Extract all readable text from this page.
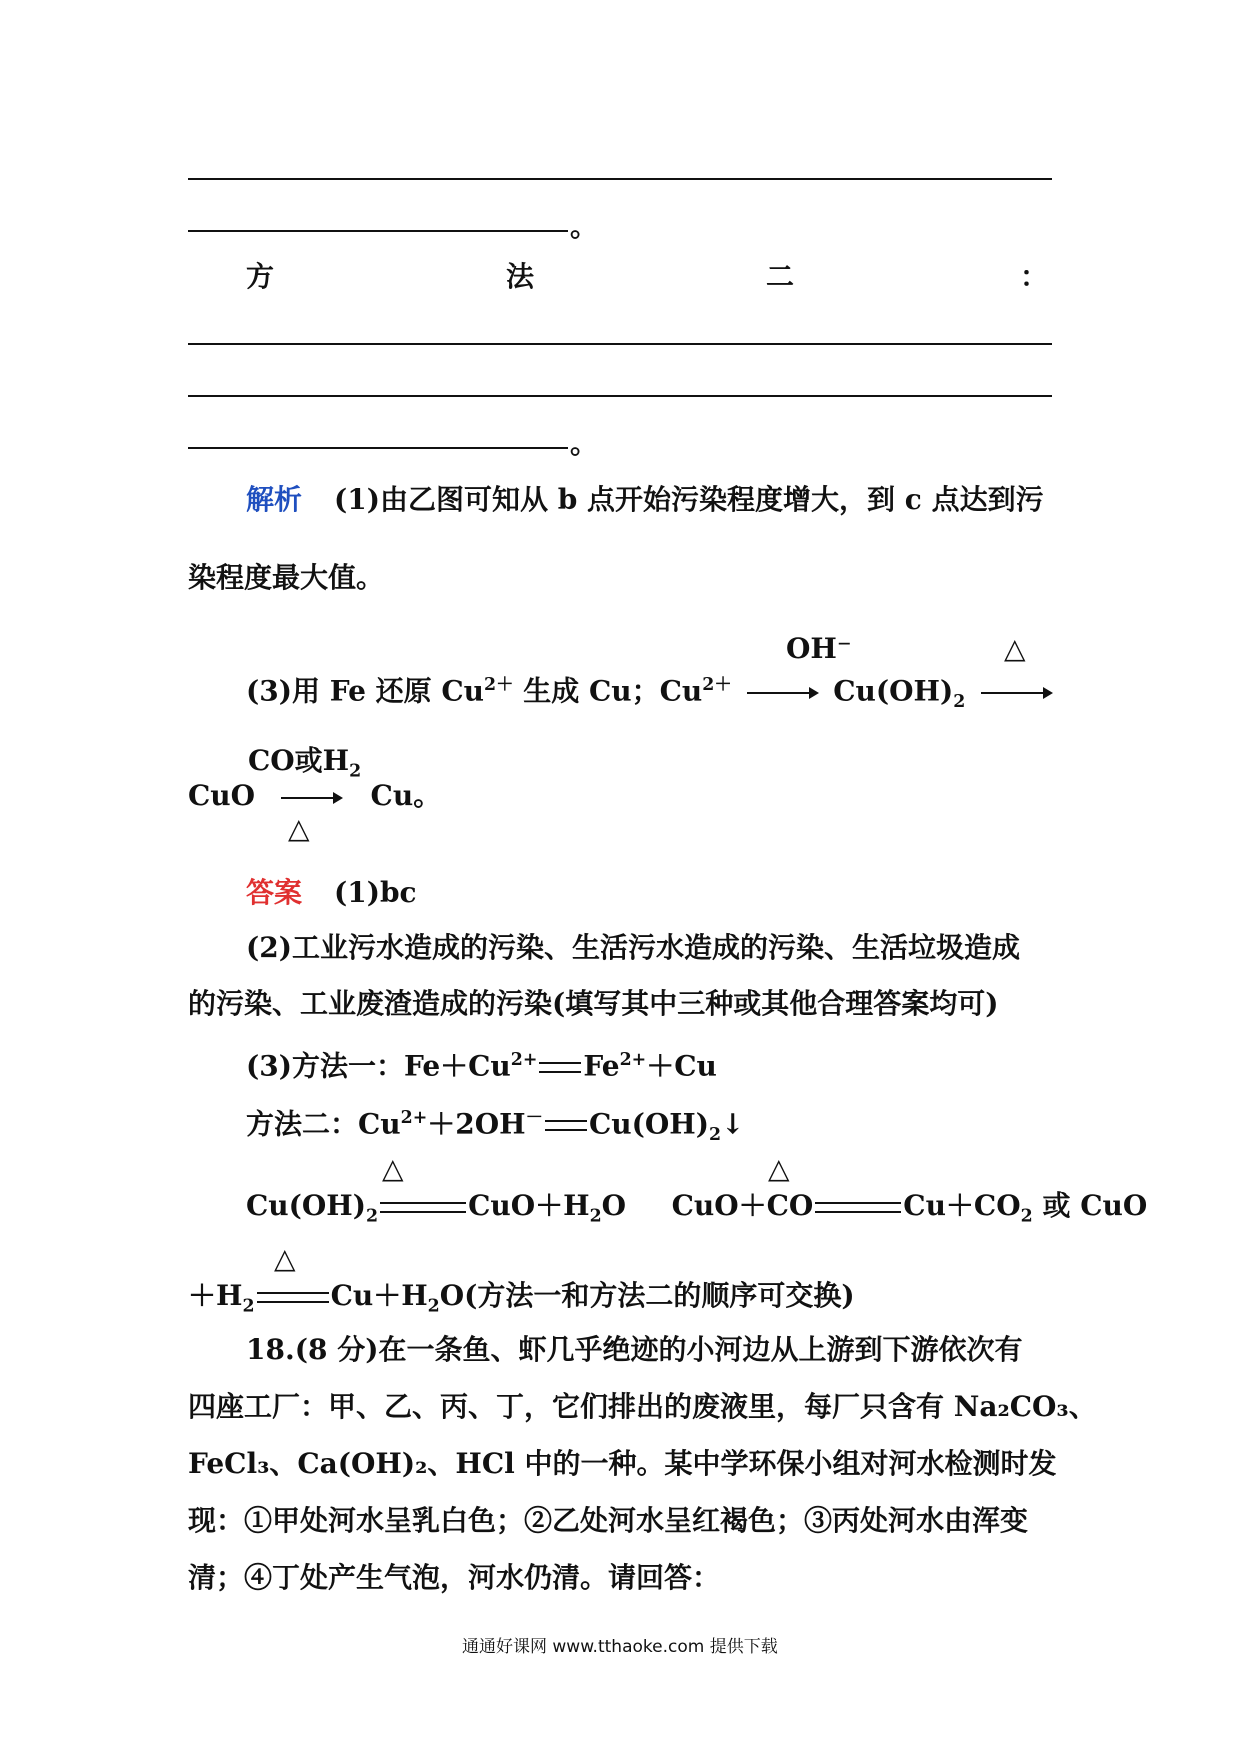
。
方	法	二	：
。
解析 (1)由乙图可知从 b 点开始污染程度增大，到 c 点达到污
染程度最大值。
OH⁻	△
(3)用 Fe 还原 $Cu^{2+}$ 生成 Cu；$Cu^{2+} \to Cu(OH)_2$ →
CO或$H_2$
CuO → Cu。
△
答案 (1)bc
(2)工业污水造成的污染、生活污水造成的污染、生活垃圾造成
的污染、工业废渣造成的污染(填写其中三种或其他合理答案均可)
(3)方法一：$Fe+Cu^{2+}$ $Fe^{2+}+Cu$
方法二：$Cu^{2+}+2OH^-$ $Cu(OH)_2↓$
△	△
$Cu(OH)_2$	$CuO+H_2O$ CuO＋CO	$Cu+CO_2$ 或 CuO
△
$+H_2$	$Cu+H_2O$(方法一和方法二的顺序可交换)
18.(8 分)在一条鱼、虾几乎绝迹的小河边从上游到下游依次有
四座工厂：甲、乙、丙、丁，它们排出的废液里，每厂只含有 Na₂CO₃、
FeCl₃、Ca(OH)₂、HCl 中的一种。某中学环保小组对河水检测时发
现：①甲处河水呈乳白色；②乙处河水呈红褐色；③丙处河水由浑变
清；④丁处产生气泡，河水仍清。请回答：
通通好课网 www.tthaoke.com 提供下载
